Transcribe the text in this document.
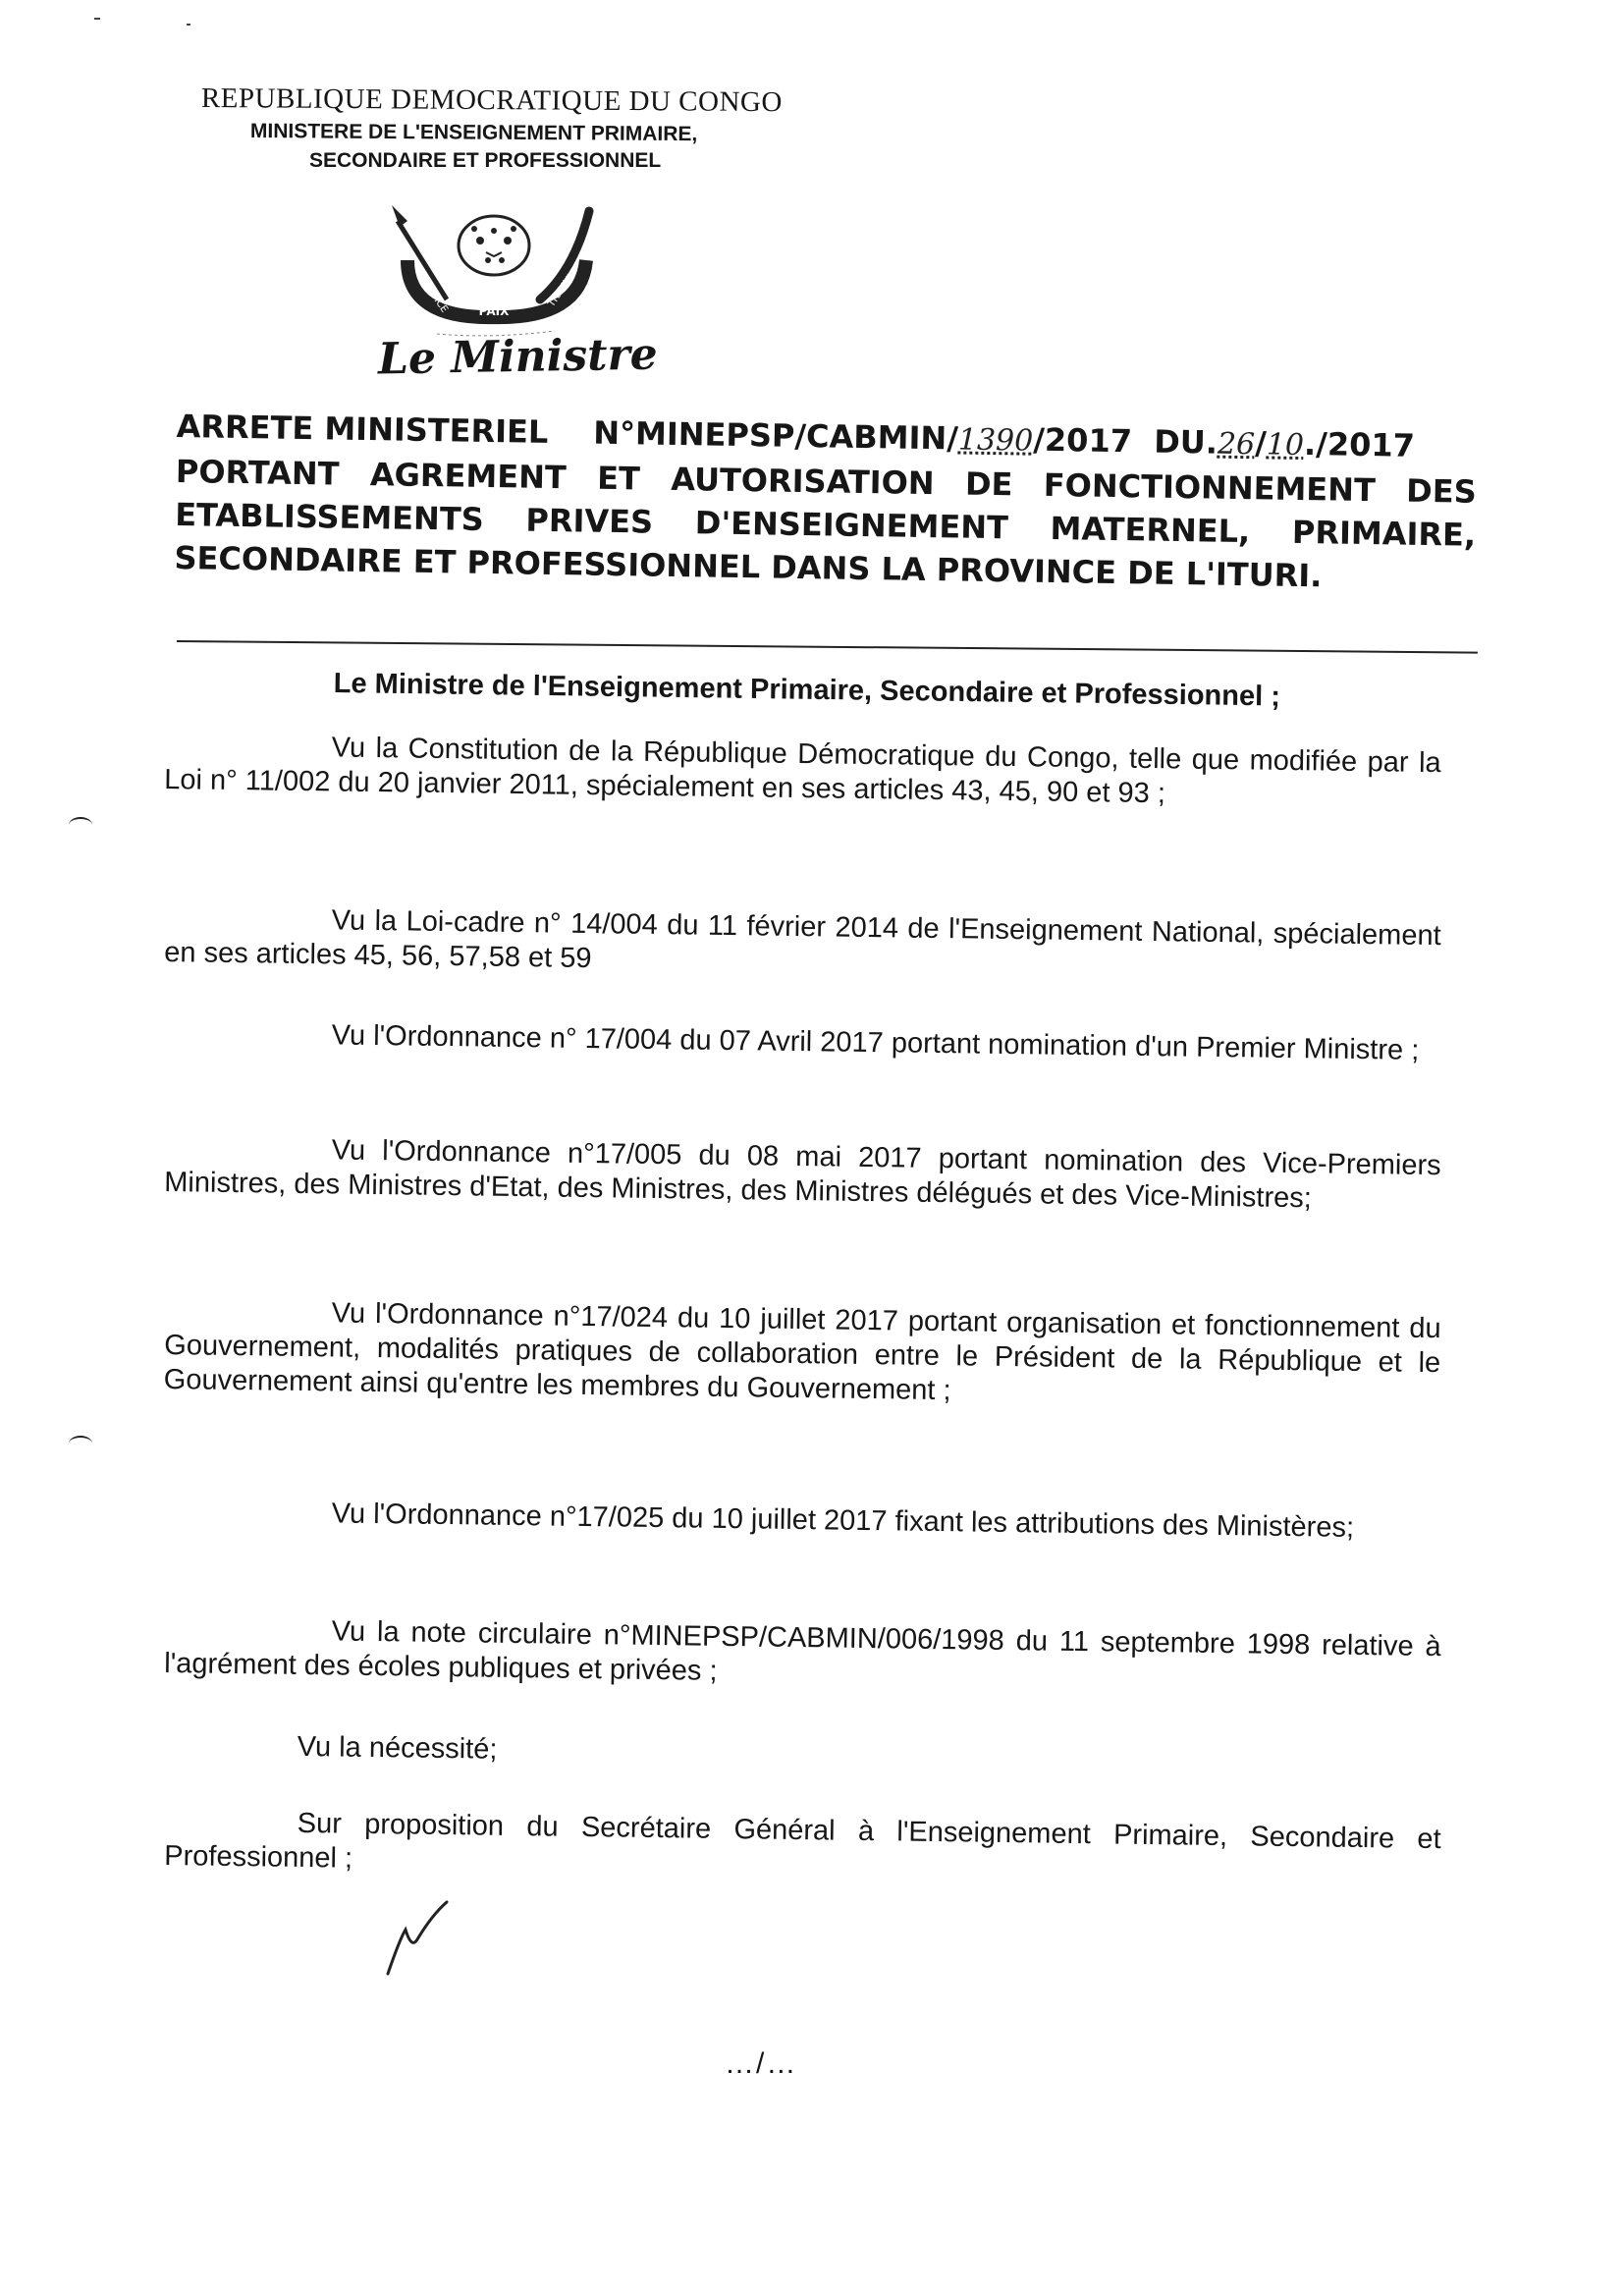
REPUBLIQUE DEMOCRATIQUE DU CONGO
MINISTERE DE L'ENSEIGNEMENT PRIMAIRE,
SECONDAIRE ET PROFESSIONNEL
PAIX
JUSTICE	TRAVAIL
Le Ministre
ARRETE MINISTERIEL N°MINEPSP/CABMIN/1390/2017 DU.26/10./2017
PORTANT AGREMENT ET AUTORISATION DE FONCTIONNEMENT DES
ETABLISSEMENTS PRIVES D'ENSEIGNEMENT MATERNEL, PRIMAIRE,
SECONDAIRE ET PROFESSIONNEL DANS LA PROVINCE DE L'ITURI.
Le Ministre de l'Enseignement Primaire, Secondaire et Professionnel ;
Vu la Constitution de la République Démocratique du Congo, telle que modifiée par la Loi n° 11/002 du 20 janvier 2011, spécialement en ses articles 43, 45, 90 et 93 ;
Vu la Loi-cadre n° 14/004 du 11 février 2014 de l'Enseignement National, spécialement en ses articles 45, 56, 57,58 et 59
Vu l'Ordonnance n° 17/004 du 07 Avril 2017 portant nomination d'un Premier Ministre ;
Vu l'Ordonnance n°17/005 du 08 mai 2017 portant nomination des Vice-Premiers Ministres, des Ministres d'Etat, des Ministres, des Ministres délégués et des Vice-Ministres;
Vu l'Ordonnance n°17/024 du 10 juillet 2017 portant organisation et fonctionnement du Gouvernement, modalités pratiques de collaboration entre le Président de la République et le Gouvernement ainsi qu'entre les membres du Gouvernement ;
Vu l'Ordonnance n°17/025 du 10 juillet 2017 fixant les attributions des Ministères;
Vu la note circulaire n°MINEPSP/CABMIN/006/1998 du 11 septembre 1998 relative à l'agrément des écoles publiques et privées ;
Vu la nécessité;
Sur proposition du Secrétaire Général à l'Enseignement Primaire, Secondaire et Professionnel ;
…/…
